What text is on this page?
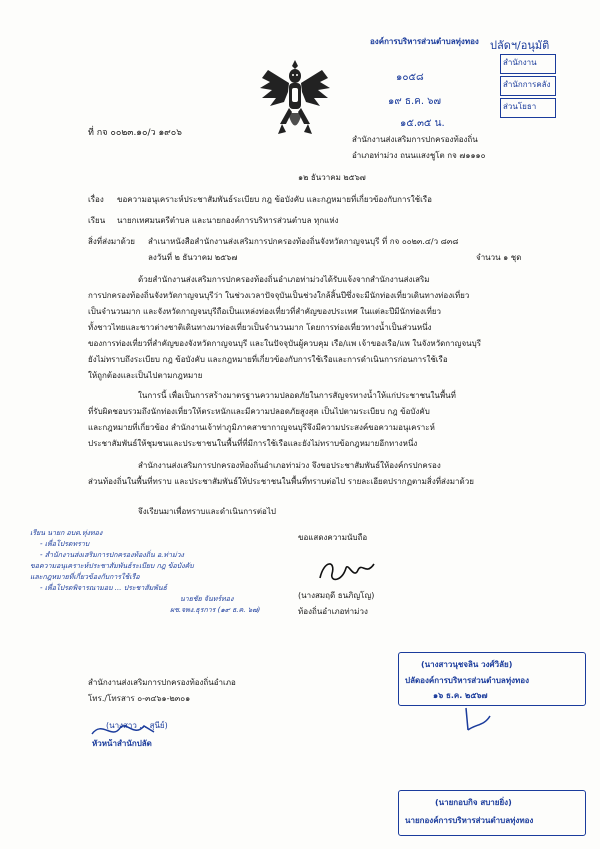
ที่ กจ ๐๐๒๓.๑๐/ว ๑๙๐๖
สำนักงานส่งเสริมการปกครองท้องถิ่น
อำเภอท่าม่วง ถนนแสงชูโต กจ ๗๑๑๑๐
๑๒ ธันวาคม ๒๕๖๗
เรื่อง ขอความอนุเคราะห์ประชาสัมพันธ์ระเบียบ กฎ ข้อบังคับ และกฎหมายที่เกี่ยวข้องกับการใช้เรือ
เรียน นายกเทศมนตรีตำบล และนายกองค์การบริหารส่วนตำบล ทุกแห่ง
สิ่งที่ส่งมาด้วย สำเนาหนังสือสำนักงานส่งเสริมการปกครองท้องถิ่นจังหวัดกาญจนบุรี ที่ กจ ๐๐๒๓.๔/ว ๘๓๘
ลงวันที่ ๒ ธันวาคม ๒๕๖๗	จำนวน ๑ ชุด
ด้วยสำนักงานส่งเสริมการปกครองท้องถิ่นอำเภอท่าม่วงได้รับแจ้งจากสำนักงานส่งเสริม
การปกครองท้องถิ่นจังหวัดกาญจนบุรีว่า ในช่วงเวลาปัจจุบันเป็นช่วงใกล้สิ้นปีซึ่งจะมีนักท่องเที่ยวเดินทางท่องเที่ยว
เป็นจำนวนมาก และจังหวัดกาญจนบุรีถือเป็นแหล่งท่องเที่ยวที่สำคัญของประเทศ ในแต่ละปีมีนักท่องเที่ยว
ทั้งชาวไทยและชาวต่างชาติเดินทางมาท่องเที่ยวเป็นจำนวนมาก โดยการท่องเที่ยวทางน้ำเป็นส่วนหนึ่ง
ของการท่องเที่ยวที่สำคัญของจังหวัดกาญจนบุรี และในปัจจุบันผู้ควบคุม เรือ/แพ เจ้าของเรือ/แพ ในจังหวัดกาญจนบุรี
ยังไม่ทราบถึงระเบียบ กฎ ข้อบังคับ และกฎหมายที่เกี่ยวข้องกับการใช้เรือและการดำเนินการก่อนการใช้เรือ
ให้ถูกต้องและเป็นไปตามกฎหมาย
ในการนี้ เพื่อเป็นการสร้างมาตรฐานความปลอดภัยในการสัญจรทางน้ำให้แก่ประชาชนในพื้นที่
ที่รับผิดชอบรวมถึงนักท่องเที่ยวให้ตระหนักและมีความปลอดภัยสูงสุด เป็นไปตามระเบียบ กฎ ข้อบังคับ
และกฎหมายที่เกี่ยวข้อง สำนักงานเจ้าท่าภูมิภาคสาขากาญจนบุรีจึงมีความประสงค์ขอความอนุเคราะห์
ประชาสัมพันธ์ให้ชุมชนและประชาชนในพื้นที่ที่มีการใช้เรือและยังไม่ทราบข้อกฎหมายอีกทางหนึ่ง
สำนักงานส่งเสริมการปกครองท้องถิ่นอำเภอท่าม่วง จึงขอประชาสัมพันธ์ให้องค์กรปกครอง
ส่วนท้องถิ่นในพื้นที่ทราบ และประชาสัมพันธ์ให้ประชาชนในพื้นที่ทราบต่อไป รายละเอียดปรากฏตามสิ่งที่ส่งมาด้วย
จึงเรียนมาเพื่อทราบและดำเนินการต่อไป
ขอแสดงความนับถือ
(นางสมฤดี ธนภิญโญ)
ท้องถิ่นอำเภอท่าม่วง
สำนักงานส่งเสริมการปกครองท้องถิ่นอำเภอ
โทร./โทรสาร ๐-๓๔๖๑-๒๓๐๑
องค์การบริหารส่วนตำบลทุ่งทอง
๑๐๕๘
๑๙ ธ.ค. ๖๗
๑๕.๓๕ น.
สำนักงาน
สำนักการคลัง
ส่วนโยธา
ปลัดฯ/อนุมัติ
เรียน นายก อบต.ทุ่งทอง
- เพื่อโปรดทราบ
- สำนักงานส่งเสริมการปกครองท้องถิ่น อ.ท่าม่วง
ขอความอนุเคราะห์ประชาสัมพันธ์ระเบียบ กฎ ข้อบังคับ
และกฎหมายที่เกี่ยวข้องกับการใช้เรือ
- เพื่อโปรดพิจารณามอบ ... ประชาสัมพันธ์
นายชัย จันทร์ทอง
ผช.จพง.ธุรการ (๑๙ ธ.ค. ๖๗)
(นางสาว ... สุนีย์)
หัวหน้าสำนักปลัด
(นางสาวนุชจลิน วงศ์วิลัย)
ปลัดองค์การบริหารส่วนตำบลทุ่งทอง
๑๖ ธ.ค. ๒๕๖๗
(นายกอบกิจ สบายยิ่ง)
นายกองค์การบริหารส่วนตำบลทุ่งทอง
